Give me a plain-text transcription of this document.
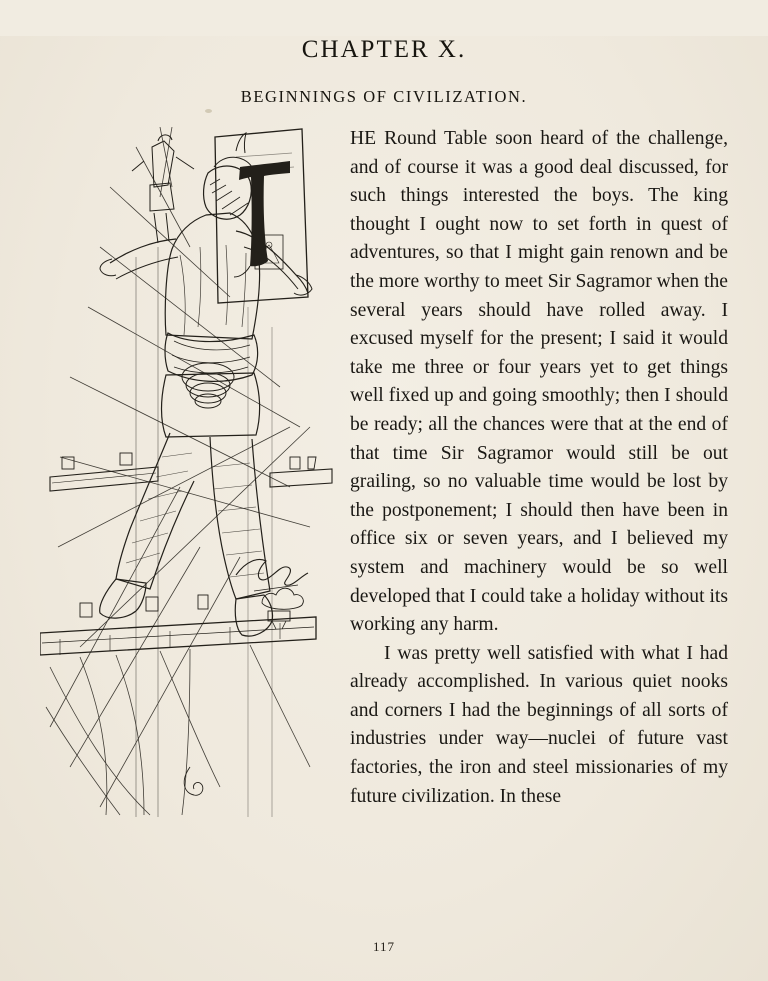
CHAPTER X.
BEGINNINGS OF CIVILIZATION.

HE Round Table soon heard of the challenge, and of course it was a good deal discussed, for such things interested the boys. The king thought I ought now to set forth in quest of adventures, so that I might gain renown and be the more worthy to meet Sir Sagramor when the several years should have rolled away. I excused myself for the present; I said it would take me three or four years yet to get things well fixed up and going smoothly; then I should be ready; all the chances were that at the end of that time Sir Sagramor would still be out grailing, so no valuable time would be lost by the postponement; I should then have been in office six or seven years, and I believed my system and machinery would be so well developed that I could take a holiday without its working any harm.

I was pretty well satisfied with what I had already accomplished. In various quiet nooks and corners I had the beginnings of all sorts of industries under way—nuclei of future vast factories, the iron and steel missionaries of my future civilization. In these

117
